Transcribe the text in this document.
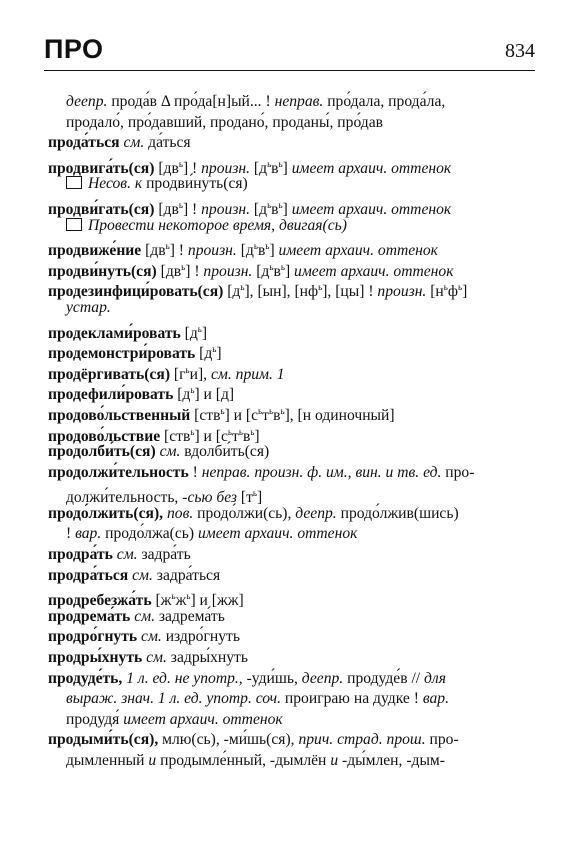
ПРО	834
деепр. прода́в Δ про́да[н]ый... ! неправ. про́дала, прода́ла,
продало́, про́давший, продано́, проданы́, про́дав
прода́ться см. да́ться
продвига́ть(ся) $[дв^ь]$ ! произн. $[д^ьв^ь]$ имеет архаич. оттенок
Несов. к продви́нуть(ся)
продви́гать(ся) $[дв^ь]$ ! произн. $[д^ьв^ь]$ имеет архаич. оттенок
Провести некоторое время, двигая(сь)
продвиже́ние $[дв^ь]$ ! произн. $[д^ьв^ь]$ имеет архаич. оттенок
продви́нуть(ся) $[дв^ь]$ ! произн. $[д^ьв^ь]$ имеет архаич. оттенок
продезинфици́ровать(ся) $[д^ь]$, [ын], $[нф^ь]$, [цы] ! произн. $[н^ьф^ь]$
устар.
продеклами́ровать $[д^ь]$
продемонстри́ровать $[д^ь]$
продёргивать(ся) $[г^ьи]$, см. прим. 1
продефили́ровать $[д^ь]$ и [д]
продово́льственный [ств$^ь$] и $[с^ьт^ьв^ь]$, [н одиночный]
продово́льствие [ств$^ь$] и $[с^ьт^ьв^ь]$
продолби́ть(ся) см. вдолби́ть(ся)
продолжи́тельность ! неправ. произн. ф. им., вин. и тв. ед. про-
должи́тельность, -сью без $[т^ь]$
продо́лжить(ся), пов. продо́лжи(сь), деепр. продо́лжив(шись)
! вар. продо́лжа(сь) имеет архаич. оттенок
продра́ть см. задра́ть
продра́ться см. задра́ться
продребезжа́ть $[ж^ьж^ь]$ и [жж]
продрема́ть см. задрема́ть
продро́гнуть см. издро́гнуть
продры́хнуть см. задры́хнуть
продуде́ть, 1 л. ед. не употр., -уди́шь, деепр. продуде́в // для
выраж. знач. 1 л. ед. употр. соч. проиграю на дудке ! вар.
продудя́ имеет архаич. оттенок
продыми́ть(ся), млю(сь), -ми́шь(ся), прич. страд. прош. про-
дымленный и продымле́нный, -дымлён и -ды́млен, -дым-
